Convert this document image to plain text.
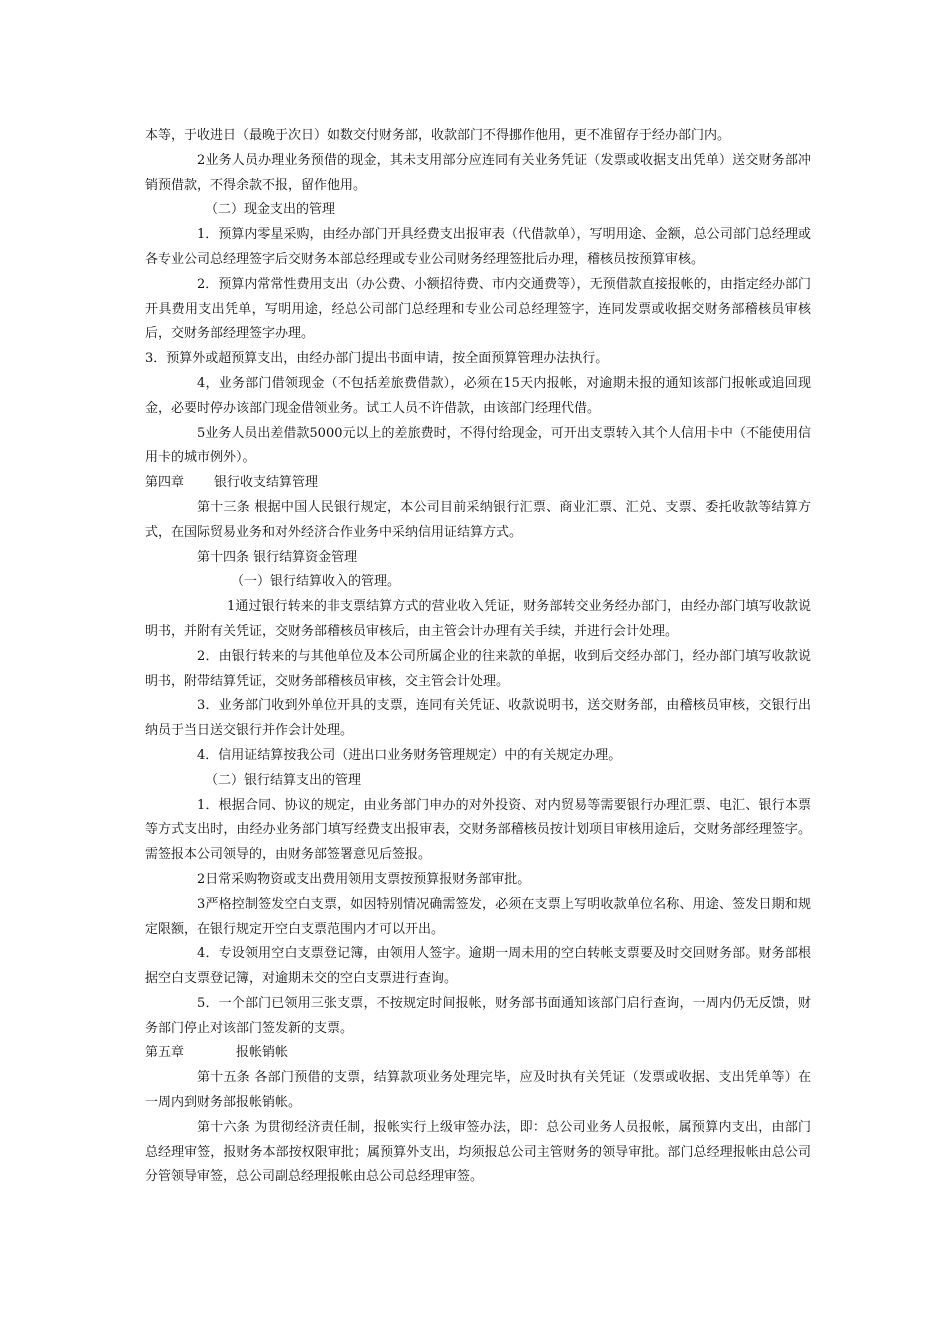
本等，于收进日（最晚于次日）如数交付财务部，收款部门不得挪作他用，更不准留存于经办部门内。

2业务人员办理业务预借的现金，其未支用部分应连同有关业务凭证（发票或收据支出凭单）送交财务部冲销预借款，不得余款不报，留作他用。

（二）现金支出的管理

1．预算内零星采购，由经办部门开具经费支出报审表（代借款单），写明用途、金额，总公司部门总经理或各专业公司总经理签字后交财务本部总经理或专业公司财务经理签批后办理，稽核员按预算审核。

2．预算内常常性费用支出（办公费、小额招待费、市内交通费等），无预借款直接报帐的，由指定经办部门开具费用支出凭单，写明用途，经总公司部门总经理和专业公司总经理签字，连同发票或收据交财务部稽核员审核后，交财务部经理签字办理。

3．预算外或超预算支出，由经办部门提出书面申请，按全面预算管理办法执行。

4，业务部门借领现金（不包括差旅费借款），必须在15天内报帐，对逾期未报的通知该部门报帐或追回现金，必要时停办该部门现金借领业务。试工人员不许借款，由该部门经理代借。

5业务人员出差借款5000元以上的差旅费时，不得付给现金，可开出支票转入其个人信用卡中（不能使用信用卡的城市例外）。

第四章 银行收支结算管理

第十三条 根据中国人民银行规定，本公司目前采纳银行汇票、商业汇票、汇兑、支票、委托收款等结算方式，在国际贸易业务和对外经济合作业务中采纳信用证结算方式。

第十四条 银行结算资金管理

（一）银行结算收入的管理。

1通过银行转来的非支票结算方式的营业收入凭证，财务部转交业务经办部门，由经办部门填写收款说明书，并附有关凭证，交财务部稽核员审核后，由主管会计办理有关手续，并进行会计处理。

2．由银行转来的与其他单位及本公司所属企业的往来款的单据，收到后交经办部门，经办部门填写收款说明书，附带结算凭证，交财务部稽核员审核，交主管会计处理。

3．业务部门收到外单位开具的支票，连同有关凭证、收款说明书，送交财务部，由稽核员审核，交银行出纳员于当日送交银行并作会计处理。

4．信用证结算按我公司（进出口业务财务管理规定）中的有关规定办理。

（二）银行结算支出的管理

1．根据合同、协议的规定，由业务部门申办的对外投资、对内贸易等需要银行办理汇票、电汇、银行本票等方式支出时，由经办业务部门填写经费支出报审表，交财务部稽核员按计划项目审核用途后，交财务部经理签字。需签报本公司领导的，由财务部签署意见后签报。

2日常采购物资或支出费用领用支票按预算报财务部审批。

3严格控制签发空白支票，如因特别情况确需签发，必须在支票上写明收款单位名称、用途、签发日期和规定限额，在银行规定开空白支票范围内才可以开出。

4．专设领用空白支票登记簿，由领用人签字。逾期一周未用的空白转帐支票要及时交回财务部。财务部根据空白支票登记簿，对逾期未交的空白支票进行查询。

5．一个部门已领用三张支票，不按规定时间报帐，财务部书面通知该部门启行查询，一周内仍无反馈，财务部门停止对该部门签发新的支票。

第五章	报帐销帐

第十五条 各部门预借的支票，结算款项业务处理完毕，应及时执有关凭证（发票或收据、支出凭单等）在一周内到财务部报帐销帐。

第十六条 为贯彻经济责任制，报帐实行上级审签办法，即：总公司业务人员报帐，属预算内支出，由部门总经理审签，报财务本部按权限审批；属预算外支出，均须报总公司主管财务的领导审批。部门总经理报帐由总公司分管领导审签，总公司副总经理报帐由总公司总经理审签。
